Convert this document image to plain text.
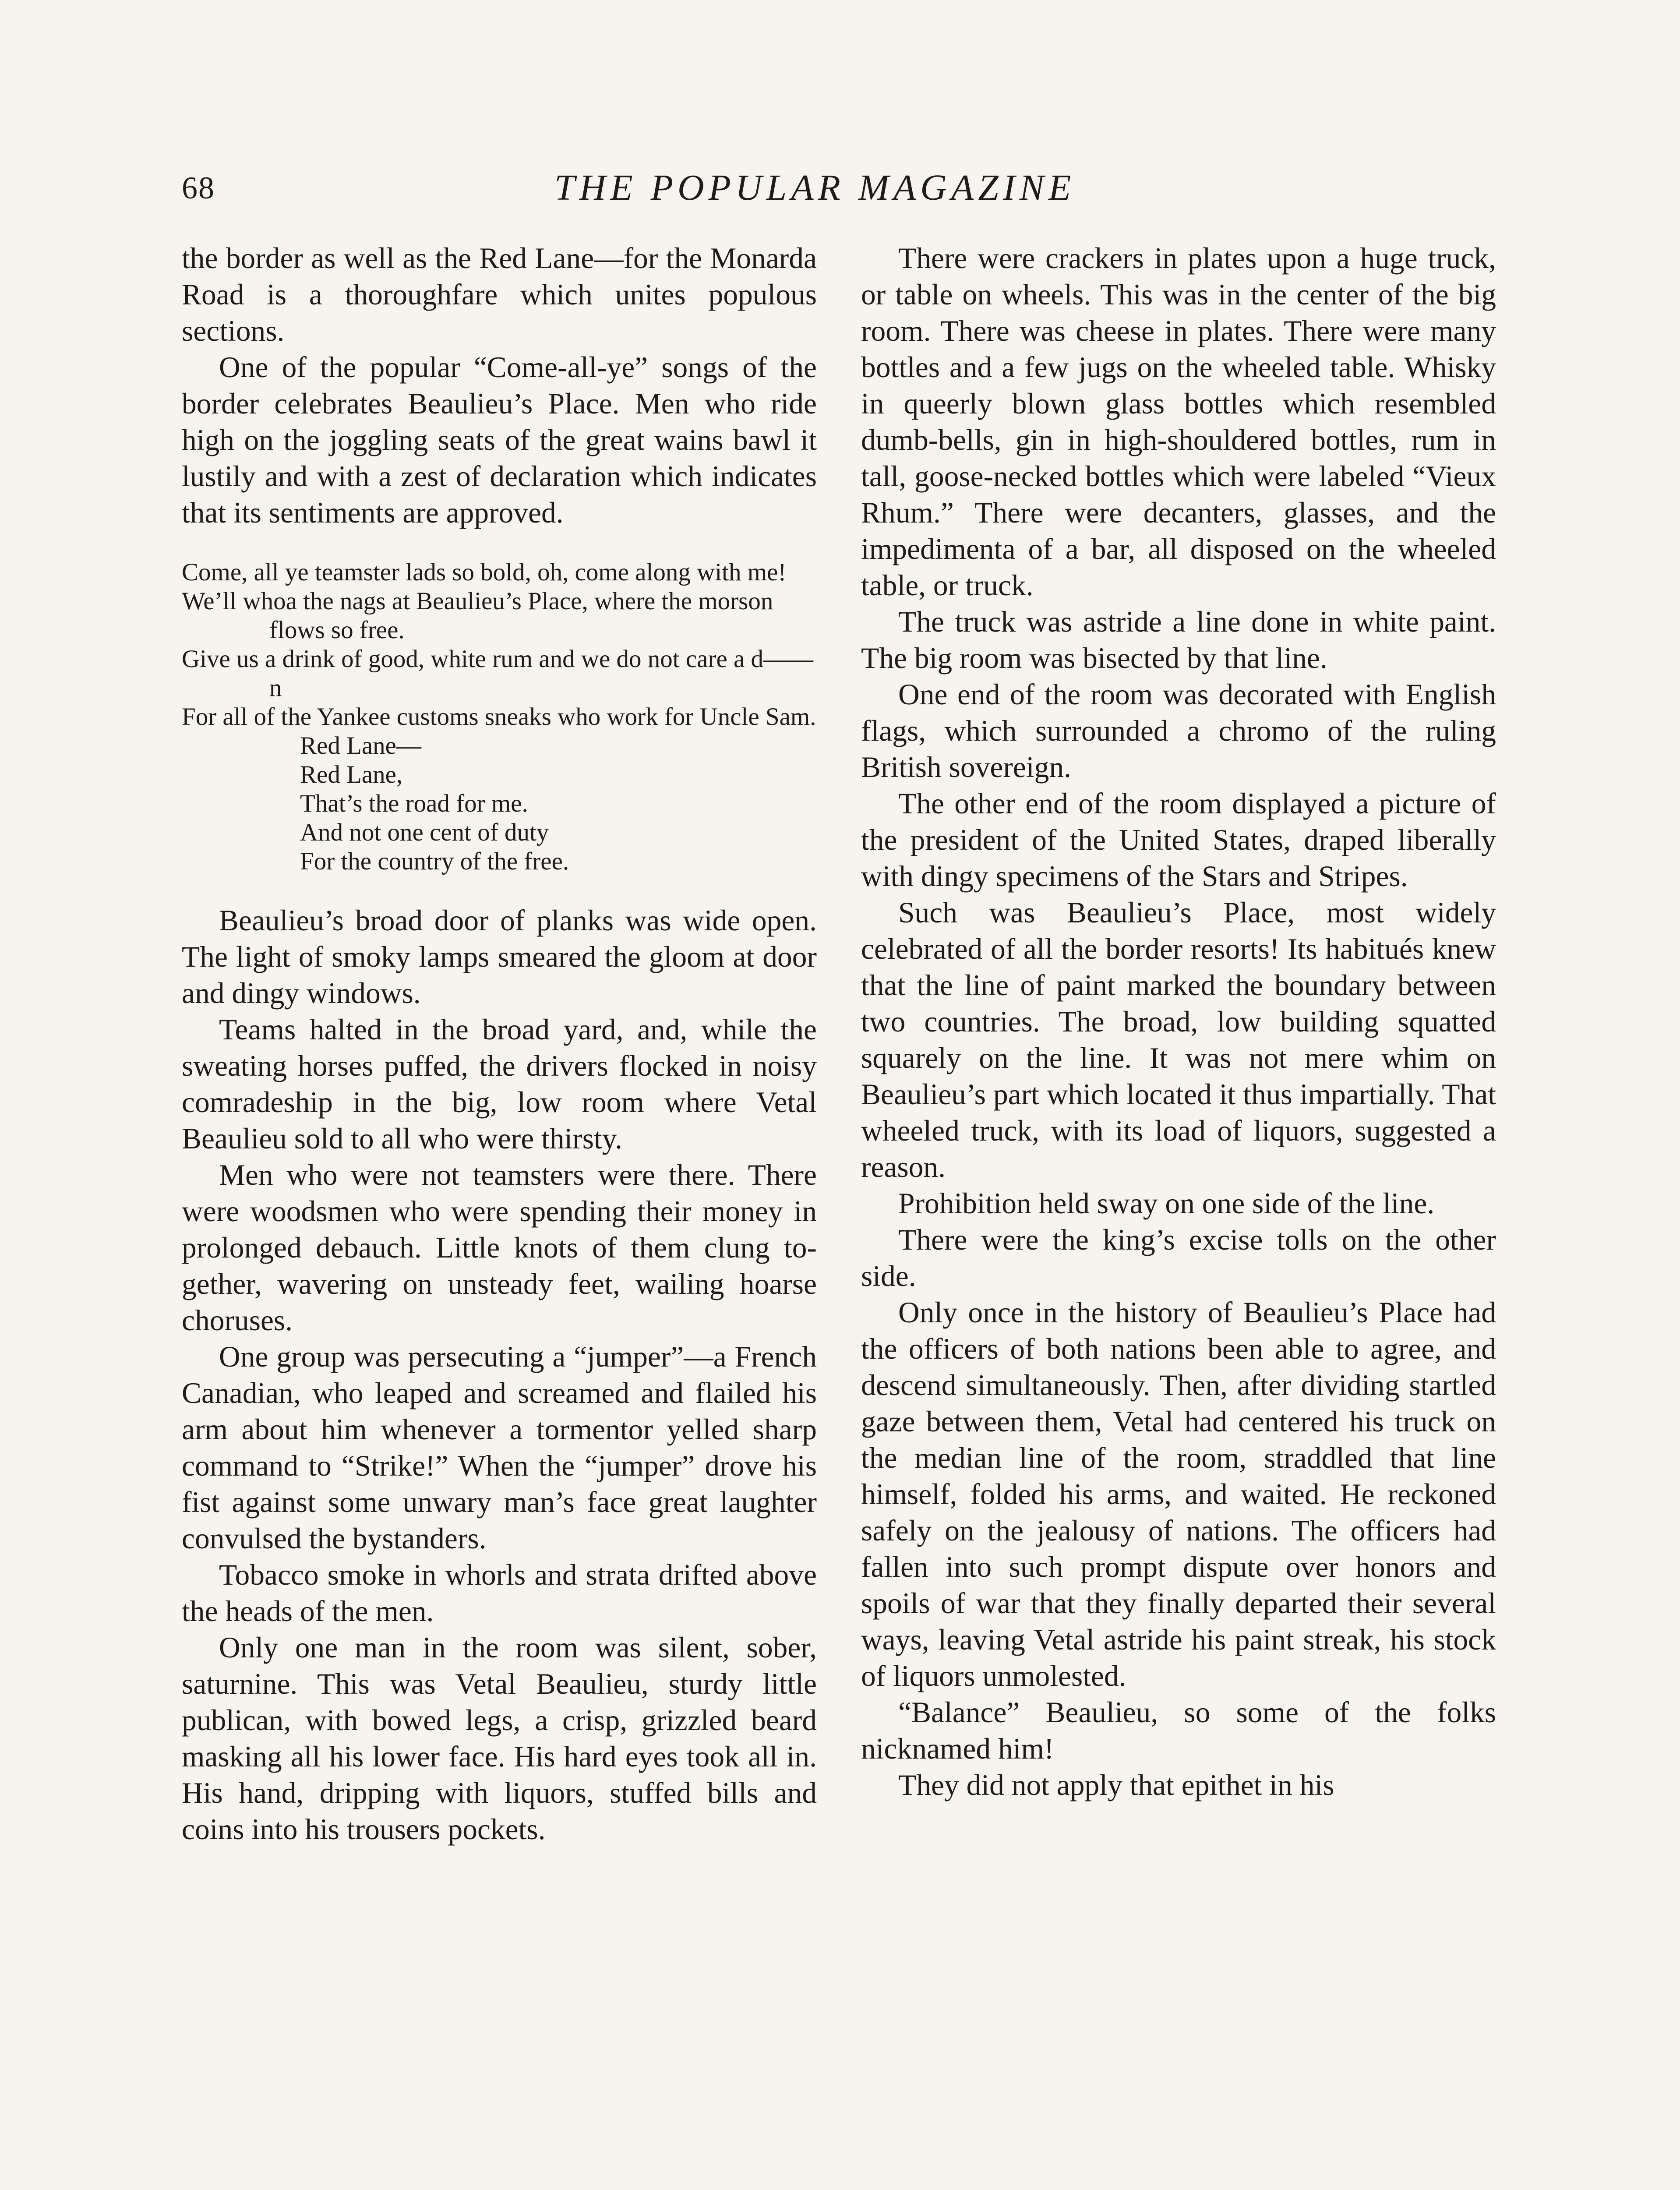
68	THE POPULAR MAGAZINE

the border as well as the Red Lane—for the Monarda Road is a thoroughfare which unites populous sections.

One of the popular “Come-all-ye” songs of the border celebrates Beaulieu’s Place. Men who ride high on the joggling seats of the great wains bawl it lustily and with a zest of declaration which indicates that its sentiments are approved.

Come, all ye teamster lads so bold, oh, come along with me!
We’ll whoa the nags at Beaulieu’s Place, where the morson flows so free.
Give us a drink of good, white rum and we do not care a d——n
For all of the Yankee customs sneaks who work for Uncle Sam.
Red Lane—
Red Lane,
That’s the road for me.
And not one cent of duty
For the country of the free.

Beaulieu’s broad door of planks was wide open. The light of smoky lamps smeared the gloom at door and dingy windows.

Teams halted in the broad yard, and, while the sweating horses puffed, the drivers flocked in noisy comradeship in the big, low room where Vetal Beaulieu sold to all who were thirsty.

Men who were not teamsters were there. There were woodsmen who were spending their money in prolonged debauch. Little knots of them clung together, wavering on unsteady feet, wailing hoarse choruses.

One group was persecuting a “jumper”—a French Canadian, who leaped and screamed and flailed his arm about him whenever a tormentor yelled sharp command to “Strike!” When the “jumper” drove his fist against some unwary man’s face great laughter convulsed the bystanders.

Tobacco smoke in whorls and strata drifted above the heads of the men.

Only one man in the room was silent, sober, saturnine. This was Vetal Beaulieu, sturdy little publican, with bowed legs, a crisp, grizzled beard masking all his lower face. His hard eyes took all in. His hand, dripping with liquors, stuffed bills and coins into his trousers pockets.

There were crackers in plates upon a huge truck, or table on wheels. This was in the center of the big room. There was cheese in plates. There were many bottles and a few jugs on the wheeled table. Whisky in queerly blown glass bottles which resembled dumb-bells, gin in high-shouldered bottles, rum in tall, goose-necked bottles which were labeled “Vieux Rhum.” There were decanters, glasses, and the impedimenta of a bar, all disposed on the wheeled table, or truck.

The truck was astride a line done in white paint. The big room was bisected by that line.

One end of the room was decorated with English flags, which surrounded a chromo of the ruling British sovereign.

The other end of the room displayed a picture of the president of the United States, draped liberally with dingy specimens of the Stars and Stripes.

Such was Beaulieu’s Place, most widely celebrated of all the border resorts! Its habitués knew that the line of paint marked the boundary between two countries. The broad, low building squatted squarely on the line. It was not mere whim on Beaulieu’s part which located it thus impartially. That wheeled truck, with its load of liquors, suggested a reason.

Prohibition held sway on one side of the line.

There were the king’s excise tolls on the other side.

Only once in the history of Beaulieu’s Place had the officers of both nations been able to agree, and descend simultaneously. Then, after dividing startled gaze between them, Vetal had centered his truck on the median line of the room, straddled that line himself, folded his arms, and waited. He reckoned safely on the jealousy of nations. The officers had fallen into such prompt dispute over honors and spoils of war that they finally departed their several ways, leaving Vetal astride his paint streak, his stock of liquors unmolested.

“Balance” Beaulieu, so some of the folks nicknamed him!

They did not apply that epithet in his
